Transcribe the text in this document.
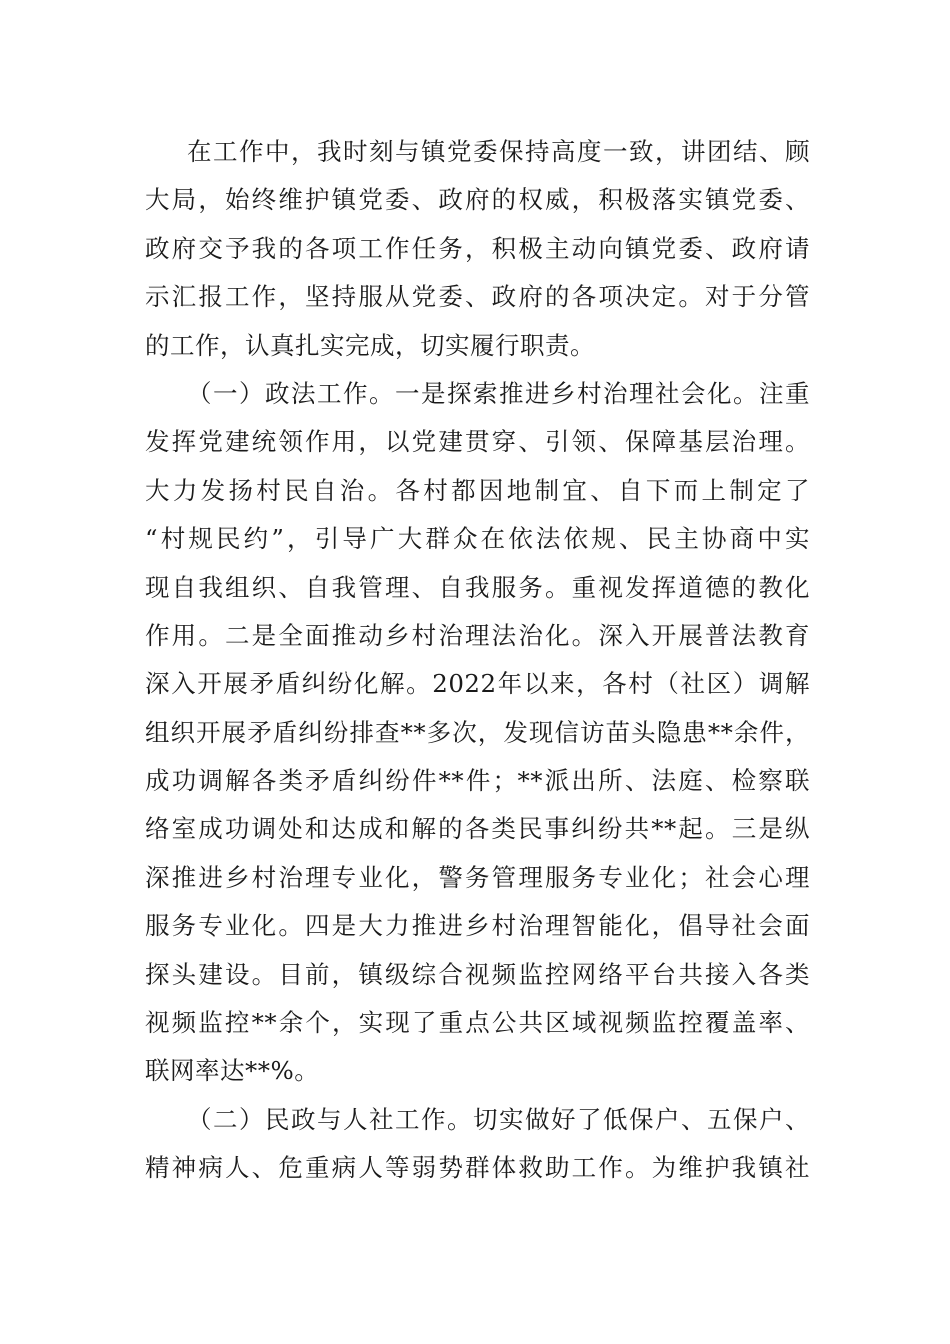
在工作中，我时刻与镇党委保持高度一致，讲团结、顾
大局，始终维护镇党委、政府的权威，积极落实镇党委、
政府交予我的各项工作任务，积极主动向镇党委、政府请
示汇报工作，坚持服从党委、政府的各项决定。对于分管
的工作，认真扎实完成，切实履行职责。
（一）政法工作。一是探索推进乡村治理社会化。注重
发挥党建统领作用，以党建贯穿、引领、保障基层治理。
大力发扬村民自治。各村都因地制宜、自下而上制定了
“村规民约”，引导广大群众在依法依规、民主协商中实
现自我组织、自我管理、自我服务。重视发挥道德的教化
作用。二是全面推动乡村治理法治化。深入开展普法教育
深入开展矛盾纠纷化解。2022年以来，各村（社区）调解
组织开展矛盾纠纷排查**多次，发现信访苗头隐患**余件，
成功调解各类矛盾纠纷件**件；**派出所、法庭、检察联
络室成功调处和达成和解的各类民事纠纷共**起。三是纵
深推进乡村治理专业化，警务管理服务专业化；社会心理
服务专业化。四是大力推进乡村治理智能化，倡导社会面
探头建设。目前，镇级综合视频监控网络平台共接入各类
视频监控**余个，实现了重点公共区域视频监控覆盖率、
联网率达**%。
（二）民政与人社工作。切实做好了低保户、五保户、
精神病人、危重病人等弱势群体救助工作。为维护我镇社
